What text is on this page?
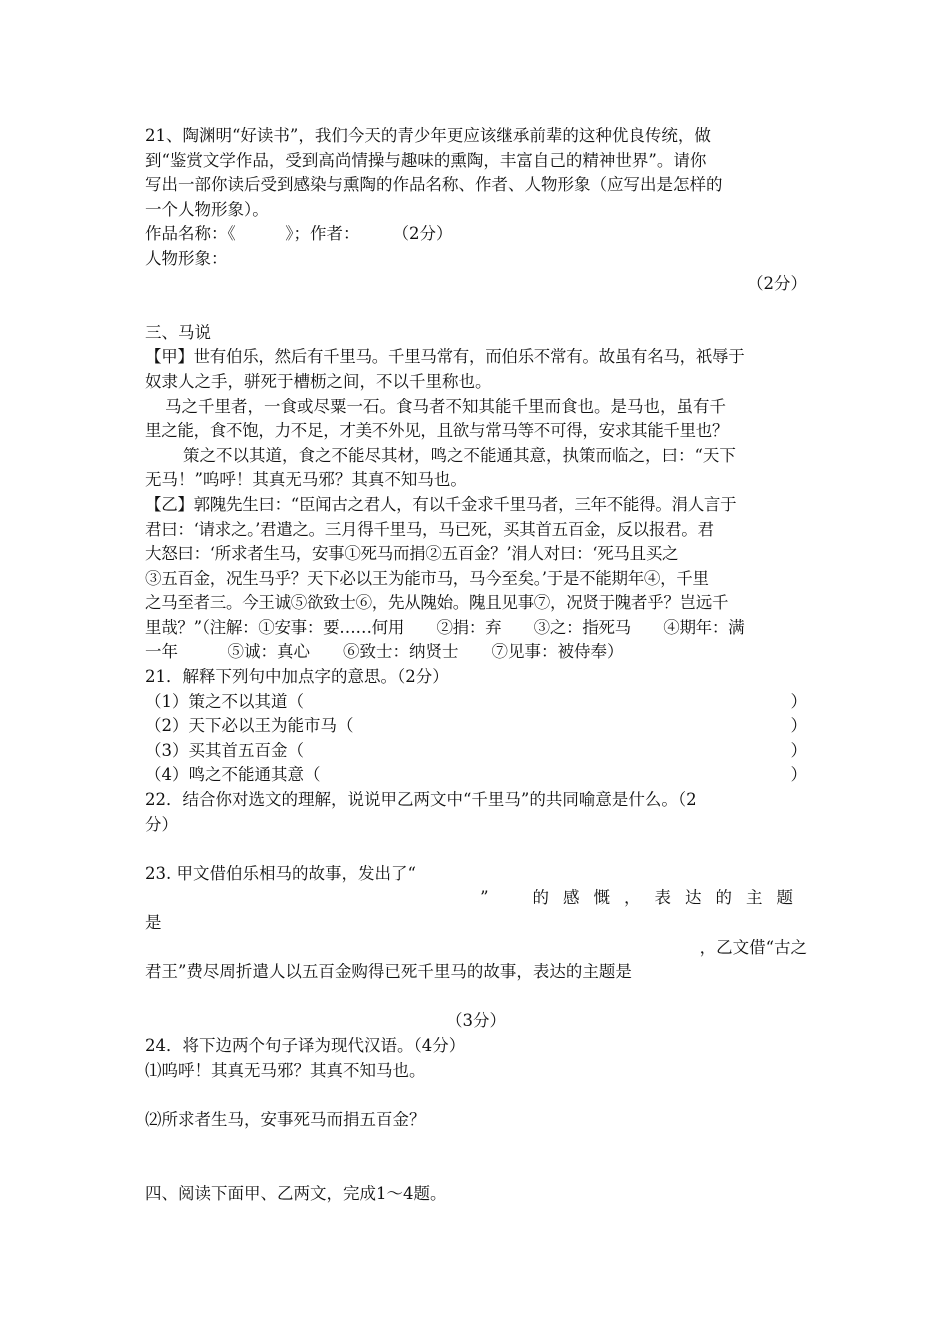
21、陶渊明“好读书”，我们今天的青少年更应该继承前辈的这种优良传统，做

到“鉴赏文学作品，受到高尚情操与趣味的熏陶，丰富自己的精神世界”。请你

写出一部你读后受到感染与熏陶的作品名称、作者、人物形象（应写出是怎样的

一个人物形象）。

作品名称：《　　　》；作者：　　　（2分）

人物形象：

（2分）

三、马说

【甲】世有伯乐，然后有千里马。千里马常有，而伯乐不常有。故虽有名马，祇辱于

奴隶人之手，骈死于槽枥之间，不以千里称也。

马之千里者，一食或尽粟一石。食马者不知其能千里而食也。是马也，虽有千

里之能，食不饱，力不足，才美不外见，且欲与常马等不可得，安求其能千里也？

策之不以其道，食之不能尽其材，鸣之不能通其意，执策而临之，曰：“天下

无马！”呜呼！其真无马邪？其真不知马也。

【乙】郭隗先生曰：“臣闻古之君人，有以千金求千里马者，三年不能得。涓人言于

君曰：‘请求之。’君遣之。三月得千里马，马已死，买其首五百金，反以报君。君

大怒曰：‘所求者生马，安事①死马而捐②五百金？’涓人对曰：‘死马且买之

③五百金，况生马乎？天下必以王为能市马，马今至矣。’于是不能期年④，千里

之马至者三。今王诚⑤欲致士⑥，先从隗始。隗且见事⑦，况贤于隗者乎？岂远千

里哉？”（注解：①安事：要……何用　　②捐：弃　　③之：指死马　　④期年：满

一年　　　⑤诚：真心　　⑥致士：纳贤士　　⑦见事：被侍奉）

21．解释下列句中加点字的意思。（2分）

（1）策之不以其道（	）
（2）天下必以王为能市马（	）
（3）买其首五百金（	）
（4）鸣之不能通其意（	）

22．结合你对选文的理解，说说甲乙两文中“千里马”的共同喻意是什么。（2

分）

23. 甲文借伯乐相马的故事，发出了“

”	的感慨，表达的主题

是

，乙文借“古之

君王”费尽周折遣人以五百金购得已死千里马的故事，表达的主题是

（3分）

24．将下边两个句子译为现代汉语。（4分）

⑴呜呼！其真无马邪？其真不知马也。

⑵所求者生马，安事死马而捐五百金？

四、阅读下面甲、乙两文，完成1～4题。
